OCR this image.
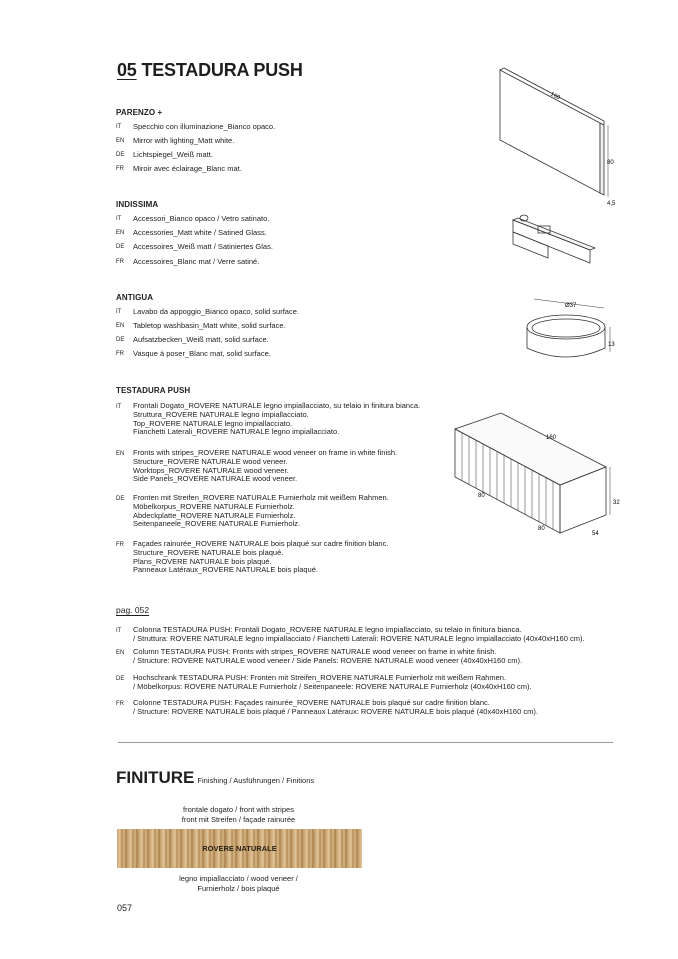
05 TESTADURA PUSH
PARENZO +
IT	Specchio con illuminazione_Bianco opaco.
EN	Mirror with lighting_Matt white.
DE	Lichtspiegel_Weiß matt.
FR	Miroir avec éclairage_Blanc mat.
INDISSIMA
IT	Accessori_Bianco opaco / Vetro satinato.
EN	Accessories_Matt white / Satined Glass.
DE	Accessoires_Weiß matt / Satiniertes Glas.
FR	Accessoires_Blanc mat / Verre satiné.
ANTIGUA
IT	Lavabo da appoggio_Bianco opaco, solid surface.
EN	Tabletop washbasin_Matt white, solid surface.
DE	Aufsatzbecken_Weiß matt, solid surface.
FR	Vasque à poser_Blanc mat, solid surface.
TESTADURA PUSH
IT	Frontali Dogato_ROVERE NATURALE legno impiallacciato, su telaio in finitura bianca.
Struttura_ROVERE NATURALE legno impiallacciato.
Top_ROVERE NATURALE legno impiallacciato.
Fianchetti Laterali_ROVERE NATURALE legno impiallacciato.
EN	Fronts with stripes_ROVERE NATURALE wood veneer on frame in white finish.
Structure_ROVERE NATURALE wood veneer.
Worktops_ROVERE NATURALE wood veneer.
Side Panels_ROVERE NATURALE wood veneer.
DE	Fronten mit Streifen_ROVERE NATURALE Furnierholz mit weißem Rahmen.
Möbelkorpus_ROVERE NATURALE Furnierholz.
Abdeckplatte_ROVERE NATURALE Furnierholz.
Seitenpaneele_ROVERE NATURALE Furnierholz.
FR	Façades rainurée_ROVERE NATURALE bois plaqué sur cadre finition blanc.
Structure_ROVERE NATURALE bois plaqué.
Plans_ROVERE NATURALE bois plaqué.
Panneaux Latéraux_ROVERE NATURALE bois plaqué.
pag. 052
IT	Colonna TESTADURA PUSH: Frontali Dogato_ROVERE NATURALE legno impiallacciato, su telaio in finitura bianca.
/ Struttura: ROVERE NATURALE legno impiallacciato / Fianchetti Laterali: ROVERE NATURALE legno impiallacciato (40x40xH160 cm).
EN	Column TESTADURA PUSH: Fronts with stripes_ROVERE NATURALE wood veneer on frame in white finish.
/ Structure: ROVERE NATURALE wood veneer / Side Panels: ROVERE NATURALE wood veneer (40x40xH160 cm).
DE	Hochschrank TESTADURA PUSH: Fronten mit Streifen_ROVERE NATURALE Furnierholz mit weißem Rahmen.
/ Möbelkorpus: ROVERE NATURALE Furnierholz / Seitenpaneele: ROVERE NATURALE Furnierholz (40x40xH160 cm).
FR	Colonne TESTADURA PUSH: Façades rainurée_ROVERE NATURALE bois plaqué sur cadre finition blanc.
/ Structure: ROVERE NATURALE bois plaqué / Panneaux Latéraux: ROVERE NATURALE bois plaqué (40x40xH160 cm).
FINITURE Finishing / Ausführungen / Finitions
frontale dogato / front with stripes
front mit Streifen / façade rainurée
ROVERE NATURALE
legno impiallacciato / wood veneer /
Furnierholz / bois plaqué
057
160
80
4,5
Ø37
13
160
80
80
32
54
